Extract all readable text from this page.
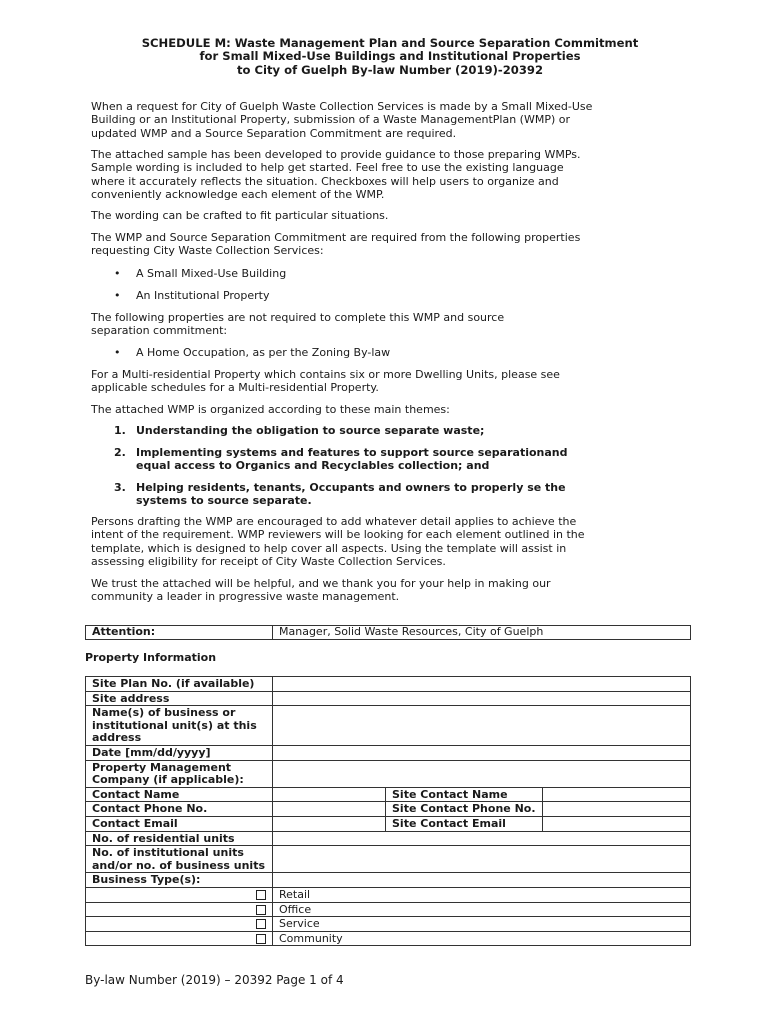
SCHEDULE M: Waste Management Plan and Source Separation Commitment
for Small Mixed-Use Buildings and Institutional Properties
to City of Guelph By-law Number (2019)-20392
When a request for City of Guelph Waste Collection Services is made by a Small Mixed-Use
Building or an Institutional Property, submission of a Waste ManagementPlan (WMP) or
updated WMP and a Source Separation Commitment are required.
The attached sample has been developed to provide guidance to those preparing WMPs.
Sample wording is included to help get started. Feel free to use the existing language
where it accurately reflects the situation. Checkboxes will help users to organize and
conveniently acknowledge each element of the WMP.
The wording can be crafted to fit particular situations.
The WMP and Source Separation Commitment are required from the following properties
requesting City Waste Collection Services:
• A Small Mixed-Use Building
• An Institutional Property
The following properties are not required to complete this WMP and source
separation commitment:
• A Home Occupation, as per the Zoning By-law
For a Multi-residential Property which contains six or more Dwelling Units, please see
applicable schedules for a Multi-residential Property.
The attached WMP is organized according to these main themes:
1. Understanding the obligation to source separate waste;
2. Implementing systems and features to support source separationand
equal access to Organics and Recyclables collection; and
3. Helping residents, tenants, Occupants and owners to properly se the
systems to source separate.
Persons drafting the WMP are encouraged to add whatever detail applies to achieve the
intent of the requirement. WMP reviewers will be looking for each element outlined in the
template, which is designed to help cover all aspects. Using the template will assist in
assessing eligibility for receipt of City Waste Collection Services.
We trust the attached will be helpful, and we thank you for your help in making our
community a leader in progressive waste management.
Attention:	Manager, Solid Waste Resources, City of Guelph
Property Information
Site Plan No. (if available)			
Site address			
Name(s) of business or institutional unit(s) at this address			
Date [mm/dd/yyyy]			
Property Management Company (if applicable):			
Contact Name		Site Contact Name	
Contact Phone No.		Site Contact Phone No.	
Contact Email		Site Contact Email	
No. of residential units			
No. of institutional units and/or no. of business units			
Business Type(s):			
	Retail		
	Office		
	Service		
	Community		
By-law Number (2019) – 20392 Page 1 of 4
